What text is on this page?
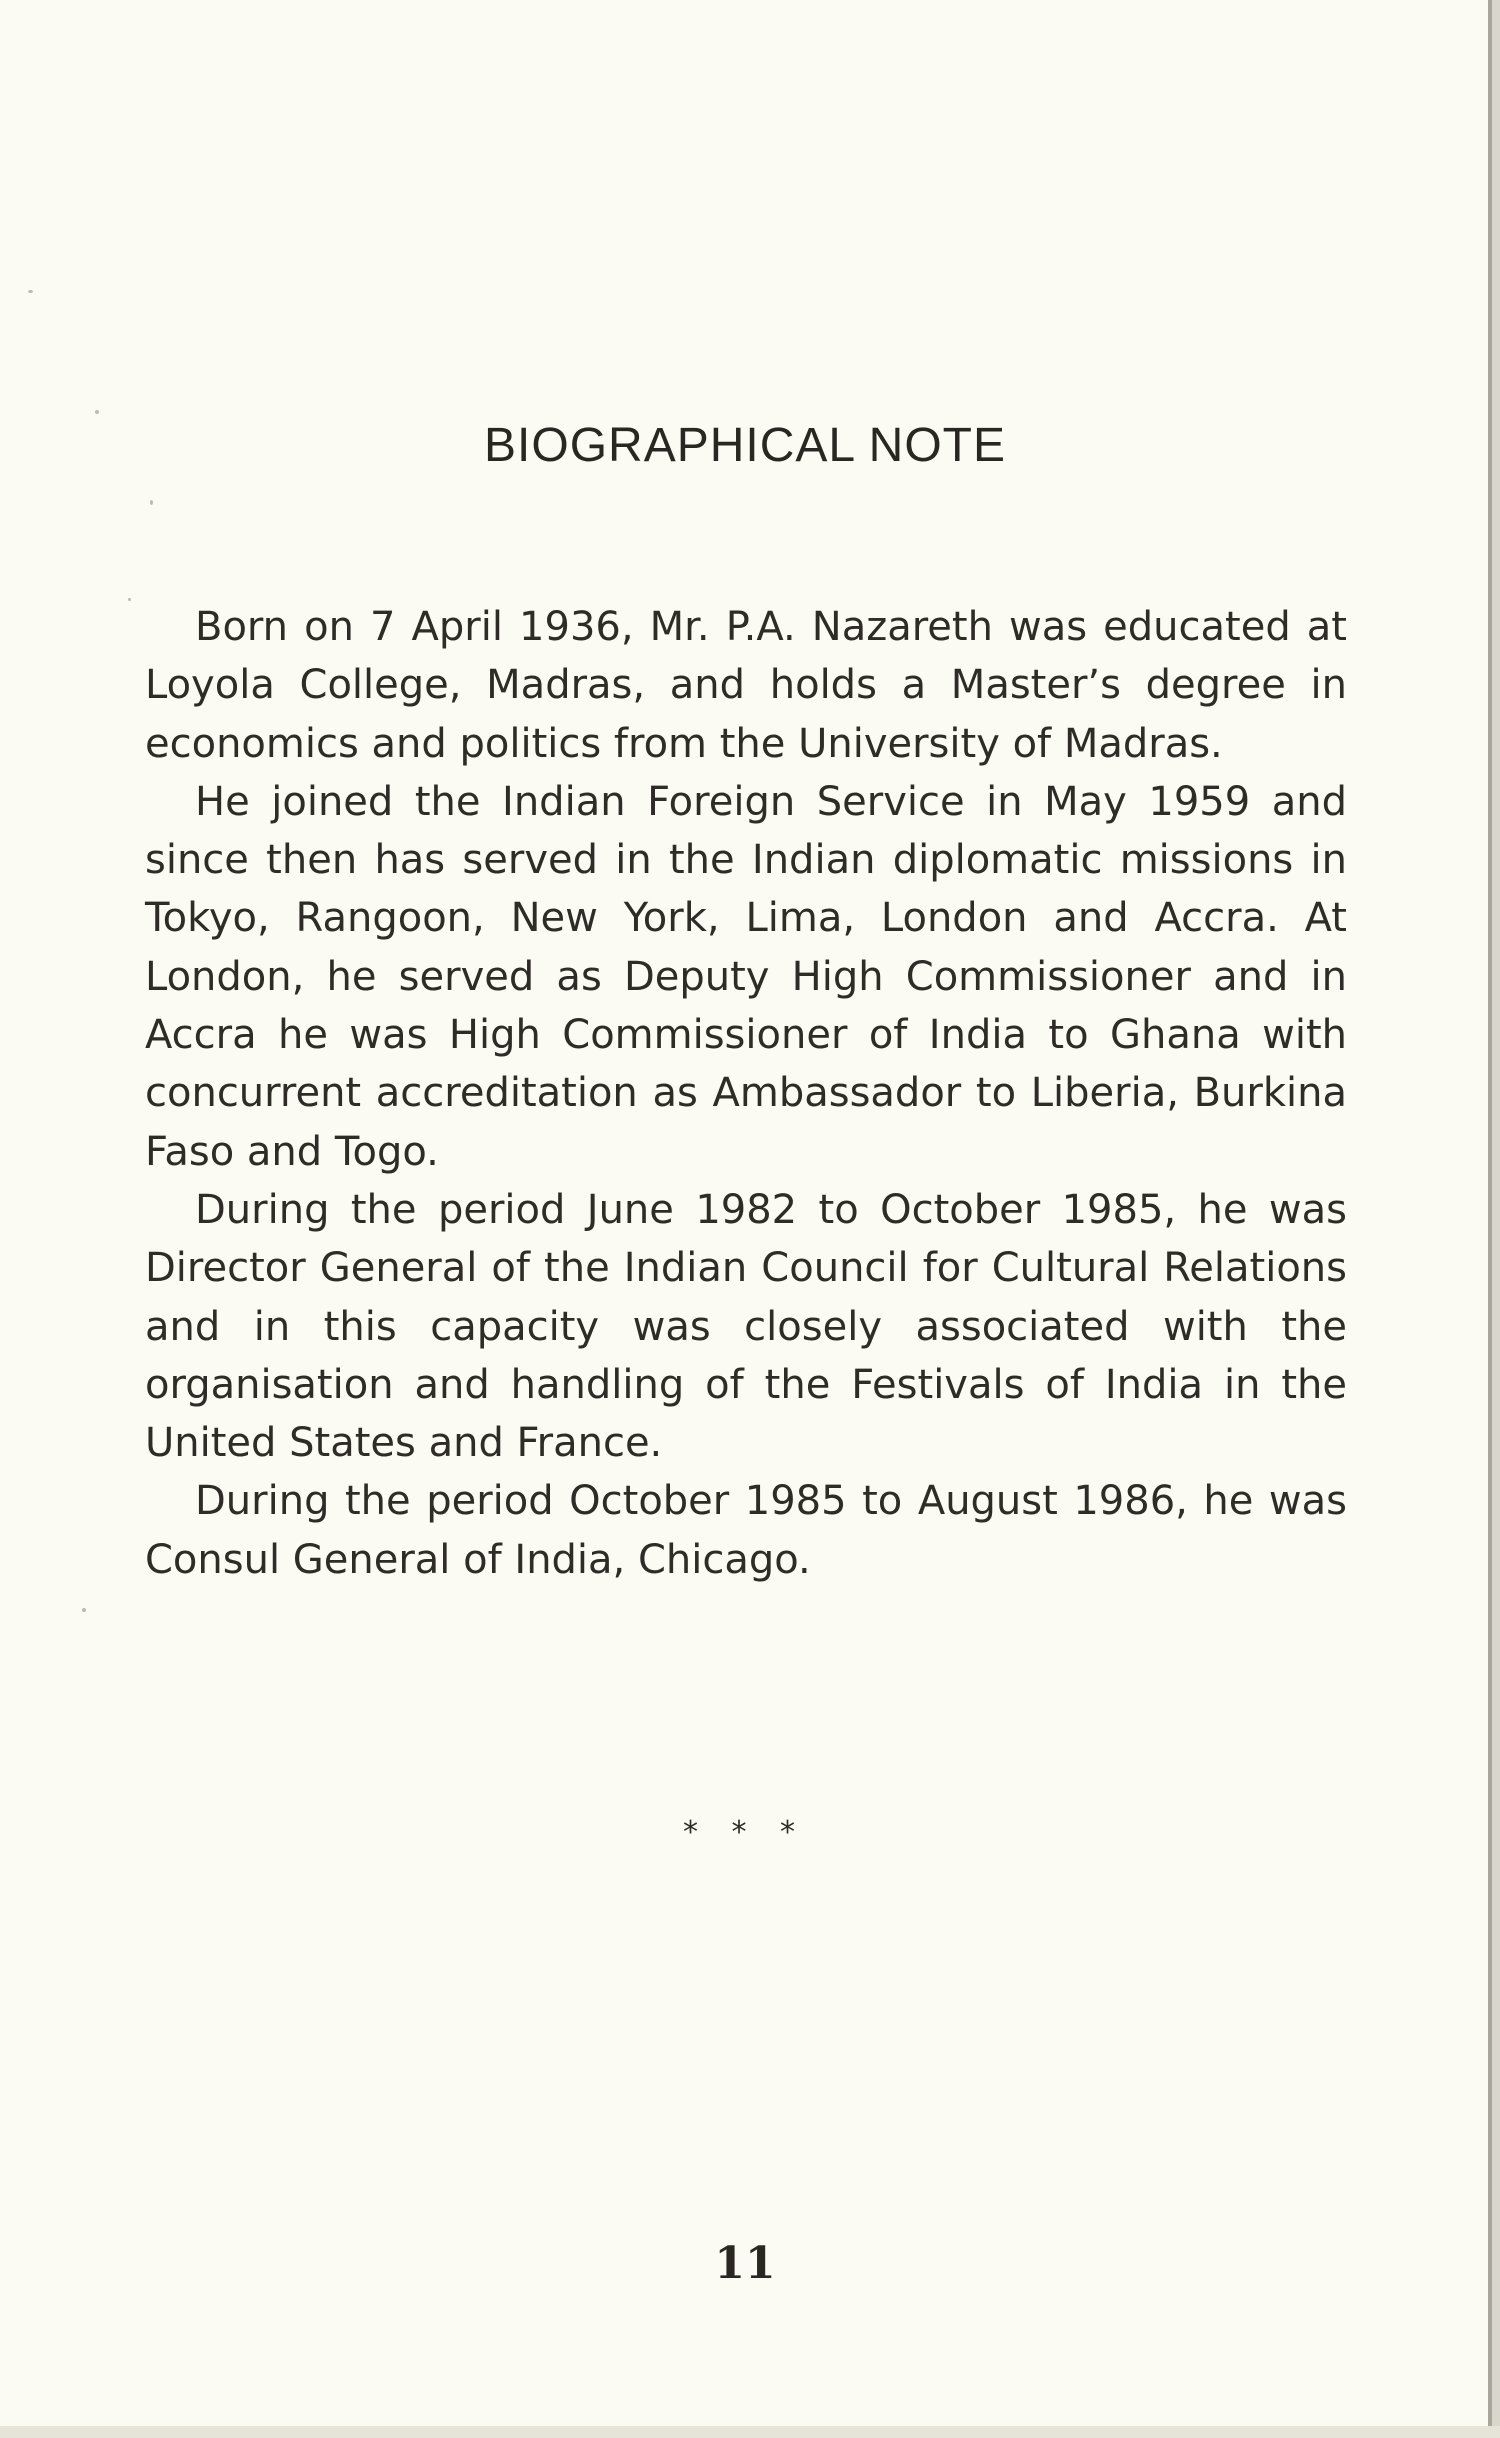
BIOGRAPHICAL NOTE

Born on 7 April 1936, Mr. P.A. Nazareth was educated at Loyola College, Madras, and holds a Master’s degree in economics and politics from the University of Madras.

He joined the Indian Foreign Service in May 1959 and since then has served in the Indian diplomatic missions in Tokyo, Rangoon, New York, Lima, London and Accra. At London, he served as Deputy High Commissioner and in Accra he was High Commissioner of India to Ghana with concurrent accreditation as Ambassador to Liberia, Burkina Faso and Togo.

During the period June 1982 to October 1985, he was Director General of the Indian Council for Cultural Relations and in this capacity was closely associated with the organisation and handling of the Festivals of India in the United States and France.

During the period October 1985 to August 1986, he was Consul General of India, Chicago.

* * *
11
